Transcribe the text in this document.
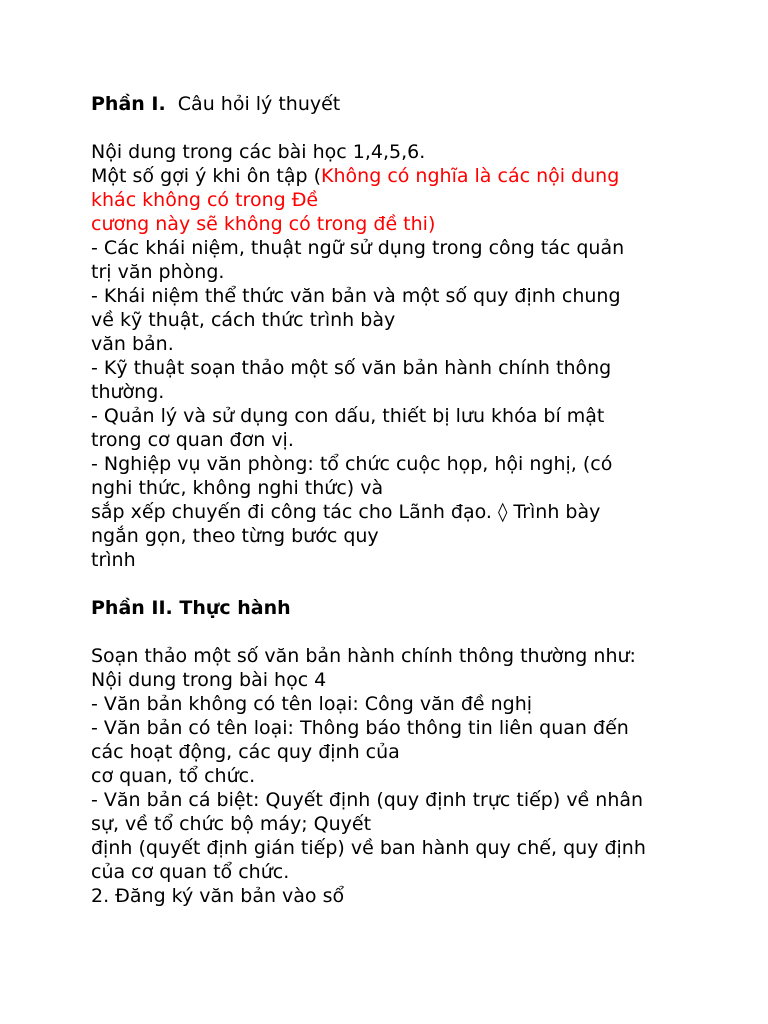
Phần I.  Câu hỏi lý thuyết
Nội dung trong các bài học 1,4,5,6.
Một số gợi ý khi ôn tập (Không có nghĩa là các nội dung
khác không có trong Đề
cương này sẽ không có trong đề thi)
- Các khái niệm, thuật ngữ sử dụng trong công tác quản
trị văn phòng.
- Khái niệm thể thức văn bản và một số quy định chung
về kỹ thuật, cách thức trình bày
văn bản.
- Kỹ thuật soạn thảo một số văn bản hành chính thông
thường.
- Quản lý và sử dụng con dấu, thiết bị lưu khóa bí mật
trong cơ quan đơn vị.
- Nghiệp vụ văn phòng: tổ chức cuộc họp, hội nghị, (có
nghi thức, không nghi thức) và
sắp xếp chuyến đi công tác cho Lãnh đạo. ◊ Trình bày
ngắn gọn, theo từng bước quy
trình
Phần II. Thực hành
Soạn thảo một số văn bản hành chính thông thường như:
Nội dung trong bài học 4
- Văn bản không có tên loại: Công văn đề nghị
- Văn bản có tên loại: Thông báo thông tin liên quan đến
các hoạt động, các quy định của
cơ quan, tổ chức.
- Văn bản cá biệt: Quyết định (quy định trực tiếp) về nhân
sự, về tổ chức bộ máy; Quyết
định (quyết định gián tiếp) về ban hành quy chế, quy định
của cơ quan tổ chức.
2. Đăng ký văn bản vào sổ
